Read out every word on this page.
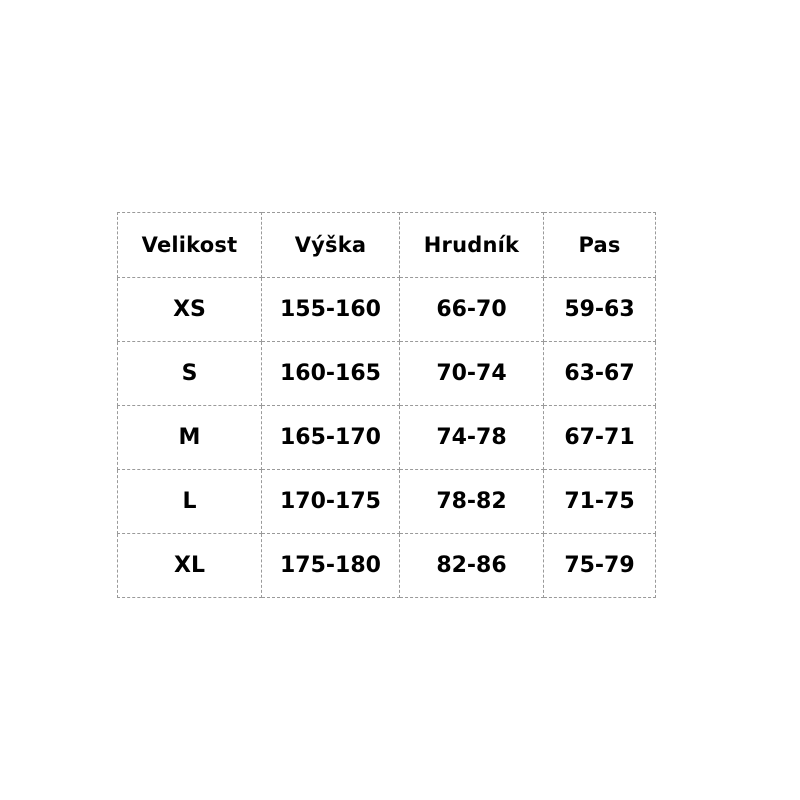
Velikost	Výška	Hrudník	Pas
XS	155-160	66-70	59-63
S	160-165	70-74	63-67
M	165-170	74-78	67-71
L	170-175	78-82	71-75
XL	175-180	82-86	75-79
